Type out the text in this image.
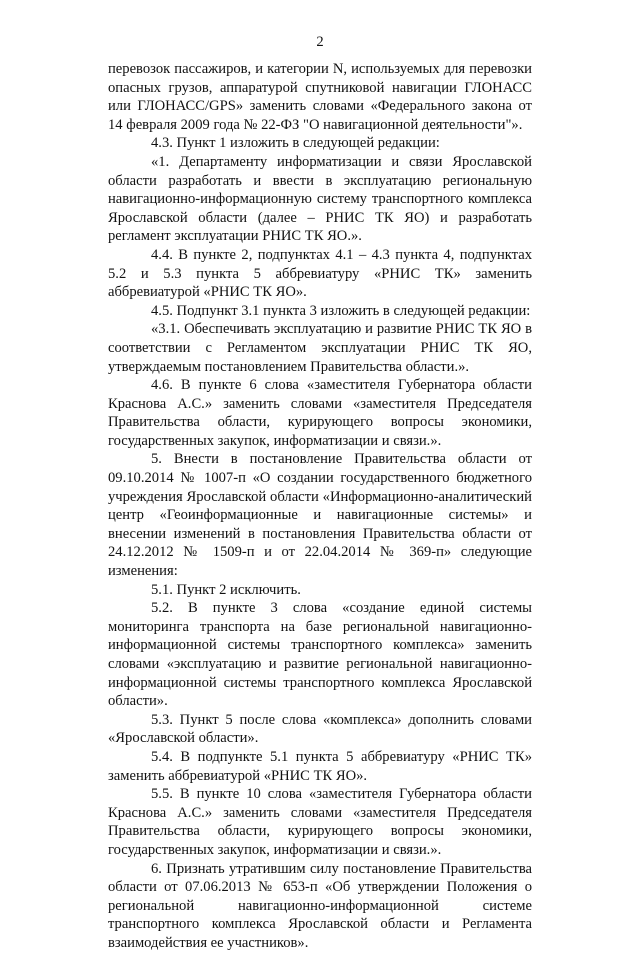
2

перевозок пассажиров, и категории N, используемых для перевозки опасных грузов, аппаратурой спутниковой навигации ГЛОНАСС или ГЛОНАСС/GPS» заменить словами «Федерального закона от 14 февраля 2009 года № 22-ФЗ "О навигационной деятельности"».

4.3. Пункт 1 изложить в следующей редакции:

«1. Департаменту информатизации и связи Ярославской области разработать и ввести в эксплуатацию региональную навигационно-информационную систему транспортного комплекса Ярославской области (далее – РНИС ТК ЯО) и разработать регламент эксплуатации РНИС ТК ЯО.».

4.4. В пункте 2, подпунктах 4.1 – 4.3 пункта 4, подпунктах 5.2 и 5.3 пункта 5 аббревиатуру «РНИС ТК» заменить аббревиатурой «РНИС ТК ЯО».

4.5. Подпункт 3.1 пункта 3 изложить в следующей редакции:

«3.1. Обеспечивать эксплуатацию и развитие РНИС ТК ЯО в соответствии с Регламентом эксплуатации РНИС ТК ЯО, утверждаемым постановлением Правительства области.».

4.6. В пункте 6 слова «заместителя Губернатора области Краснова А.С.» заменить словами «заместителя Председателя Правительства области, курирующего вопросы экономики, государственных закупок, информатизации и связи.».

5. Внести в постановление Правительства области от 09.10.2014 № 1007-п «О создании государственного бюджетного учреждения Ярославской области «Информационно-аналитический центр «Геоинформационные и навигационные системы» и внесении изменений в постановления Правительства области от 24.12.2012 № 1509-п и от 22.04.2014 № 369-п» следующие изменения:

5.1. Пункт 2 исключить.

5.2. В пункте 3 слова «создание единой системы мониторинга транспорта на базе региональной навигационно-информационной системы транспортного комплекса» заменить словами «эксплуатацию и развитие региональной навигационно-информационной системы транспортного комплекса Ярославской области».

5.3. Пункт 5 после слова «комплекса» дополнить словами «Ярославской области».

5.4. В подпункте 5.1 пункта 5 аббревиатуру «РНИС ТК» заменить аббревиатурой «РНИС ТК ЯО».

5.5. В пункте 10 слова «заместителя Губернатора области Краснова А.С.» заменить словами «заместителя Председателя Правительства области, курирующего вопросы экономики, государственных закупок, информатизации и связи.».

6. Признать утратившим силу постановление Правительства области от 07.06.2013 № 653-п «Об утверждении Положения о региональной навигационно-информационной системе транспортного комплекса Ярославской области и Регламента взаимодействия ее участников».
